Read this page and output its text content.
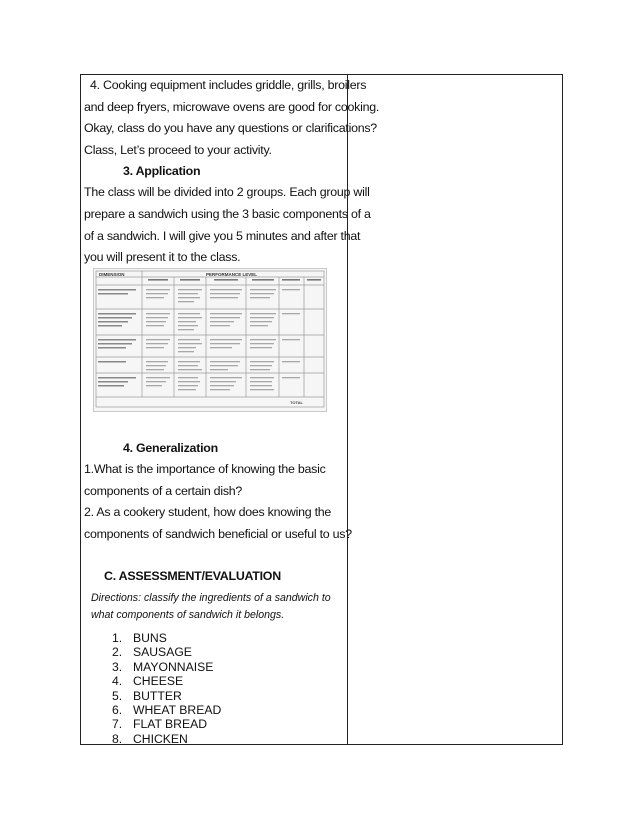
4. Cooking equipment includes griddle, grills, broilers
and deep fryers, microwave ovens are good for cooking.
Okay, class do you have any questions or clarifications?
Class, Let’s proceed to your activity.
3. Application
The class will be divided into 2 groups. Each group will
prepare a sandwich using the 3 basic components of a
of a sandwich. I will give you 5 minutes and after that
you will present it to the class.
4. Generalization
1.What is the importance of knowing the basic
components of a certain dish?
2. As a cookery student, how does knowing the
components of sandwich beneficial or useful to us?
C. ASSESSMENT/EVALUATION
Directions: classify the ingredients of a sandwich to
what components of sandwich it belongs.
DIMENSION	PERFORMANCE LEVEL
TOTAL
1. BUNS
2. SAUSAGE
3. MAYONNAISE
4. CHEESE
5. BUTTER
6. WHEAT BREAD
7. FLAT BREAD
8. CHICKEN
